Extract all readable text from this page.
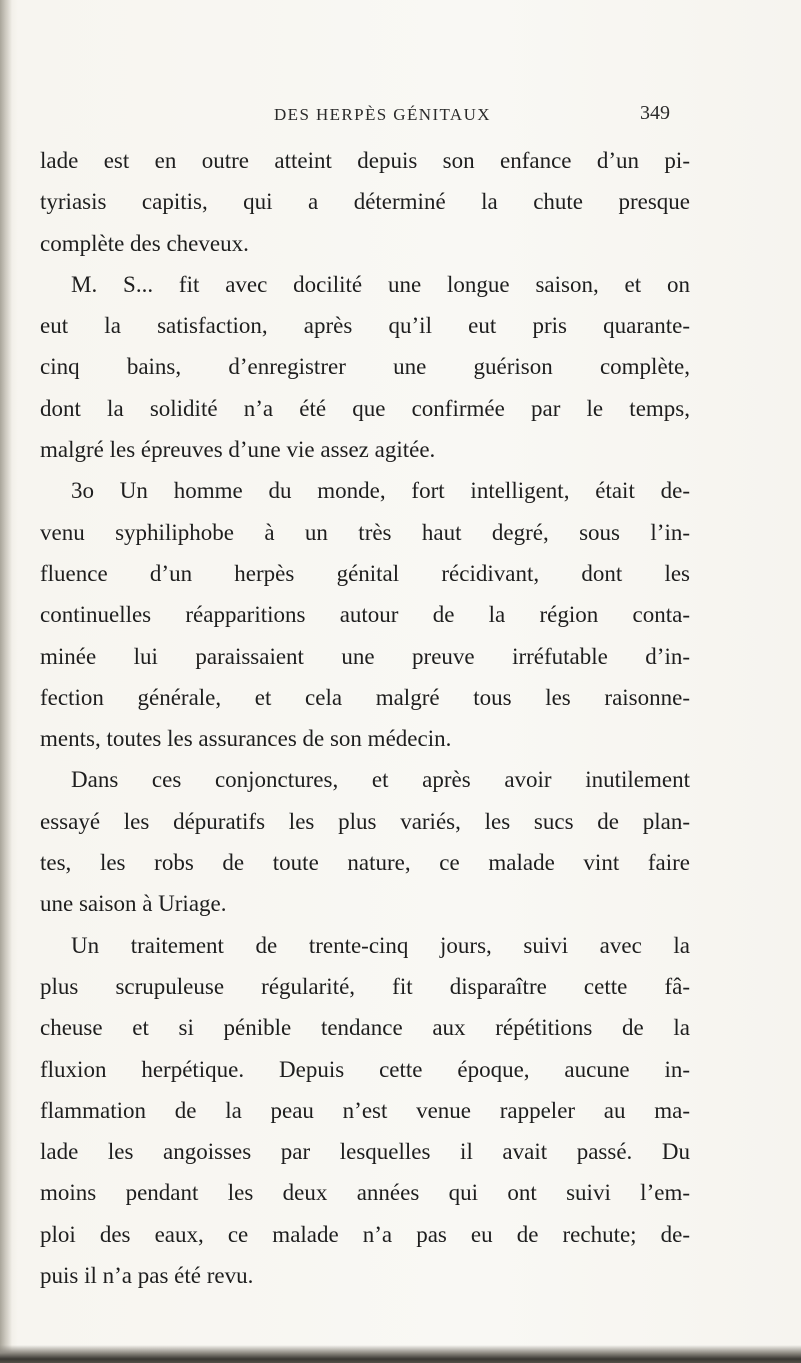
DES HERPÈS GÉNITAUX	349
lade est en outre atteint depuis son enfance d’un pi-
tyriasis capitis, qui a déterminé la chute presque
complète des cheveux.
M. S... fit avec docilité une longue saison, et on
eut la satisfaction, après qu’il eut pris quarante-
cinq bains, d’enregistrer une guérison complète,
dont la solidité n’a été que confirmée par le temps,
malgré les épreuves d’une vie assez agitée.
3o Un homme du monde, fort intelligent, était de-
venu syphiliphobe à un très haut degré, sous l’in-
fluence d’un herpès génital récidivant, dont les
continuelles réapparitions autour de la région conta-
minée lui paraissaient une preuve irréfutable d’in-
fection générale, et cela malgré tous les raisonne-
ments, toutes les assurances de son médecin.
Dans ces conjonctures, et après avoir inutilement
essayé les dépuratifs les plus variés, les sucs de plan-
tes, les robs de toute nature, ce malade vint faire
une saison à Uriage.
Un traitement de trente-cinq jours, suivi avec la
plus scrupuleuse régularité, fit disparaître cette fâ-
cheuse et si pénible tendance aux répétitions de la
fluxion herpétique. Depuis cette époque, aucune in-
flammation de la peau n’est venue rappeler au ma-
lade les angoisses par lesquelles il avait passé. Du
moins pendant les deux années qui ont suivi l’em-
ploi des eaux, ce malade n’a pas eu de rechute; de-
puis il n’a pas été revu.
